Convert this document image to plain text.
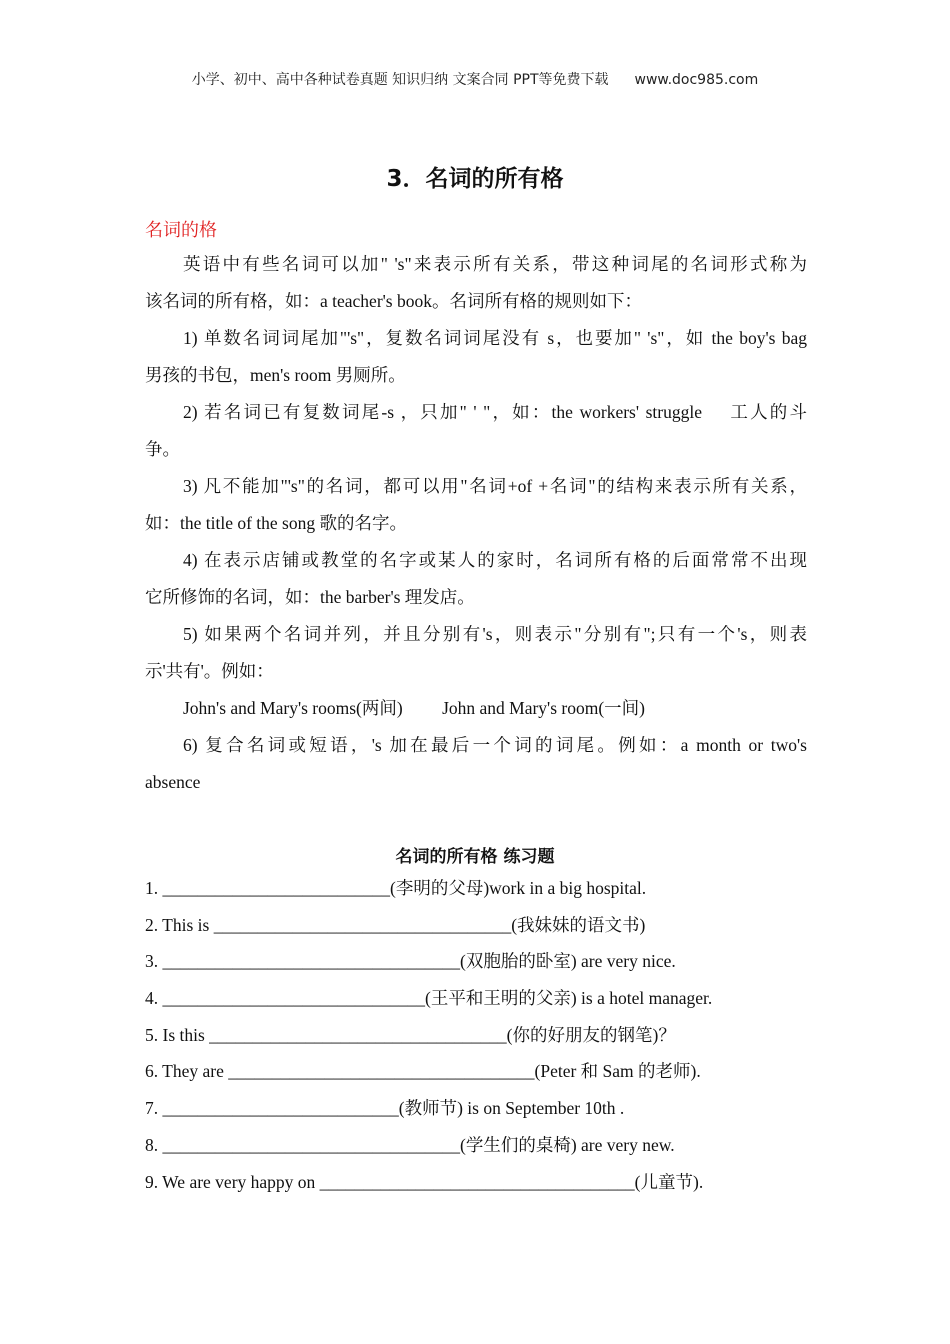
小学、初中、高中各种试卷真题 知识归纳 文案合同 PPT等免费下载 www.doc985.com
3．名词的所有格
名词的格
英语中有些名词可以加" 's"来表示所有关系，带这种词尾的名词形式称为
该名词的所有格，如：a teacher's book。名词所有格的规则如下：
1) 单数名词词尾加"'s"，复数名词词尾没有 s，也要加" 's"，如 the boy's bag
男孩的书包，men's room 男厕所。
2) 若名词已有复数词尾-s ，只加" ' "，如：the workers' struggle　 工人的斗
争。
3) 凡不能加"'s"的名词，都可以用"名词+of +名词"的结构来表示所有关系，
如：the title of the song 歌的名字。
4) 在表示店铺或教堂的名字或某人的家时，名词所有格的后面常常不出现
它所修饰的名词，如：the barber's 理发店。
5) 如果两个名词并列，并且分别有's，则表示"分别有";只有一个's，则表
示'共有'。例如：
John's and Mary's rooms(两间)　　 John and Mary's room(一间)
6) 复合名词或短语，'s 加在最后一个词的词尾。例如：a month or two's
absence
名词的所有格 练习题
1. __________________________(李明的父母)work in a big hospital.
2. This is __________________________________(我妹妹的语文书)
3. __________________________________(双胞胎的卧室) are very nice.
4. ______________________________(王平和王明的父亲) is a hotel manager.
5. Is this __________________________________(你的好朋友的钢笔)？
6. They are ___________________________________(Peter 和 Sam 的老师).
7. ___________________________(教师节) is on September 10th .
8. __________________________________(学生们的桌椅) are very new.
9. We are very happy on ____________________________________(儿童节).
